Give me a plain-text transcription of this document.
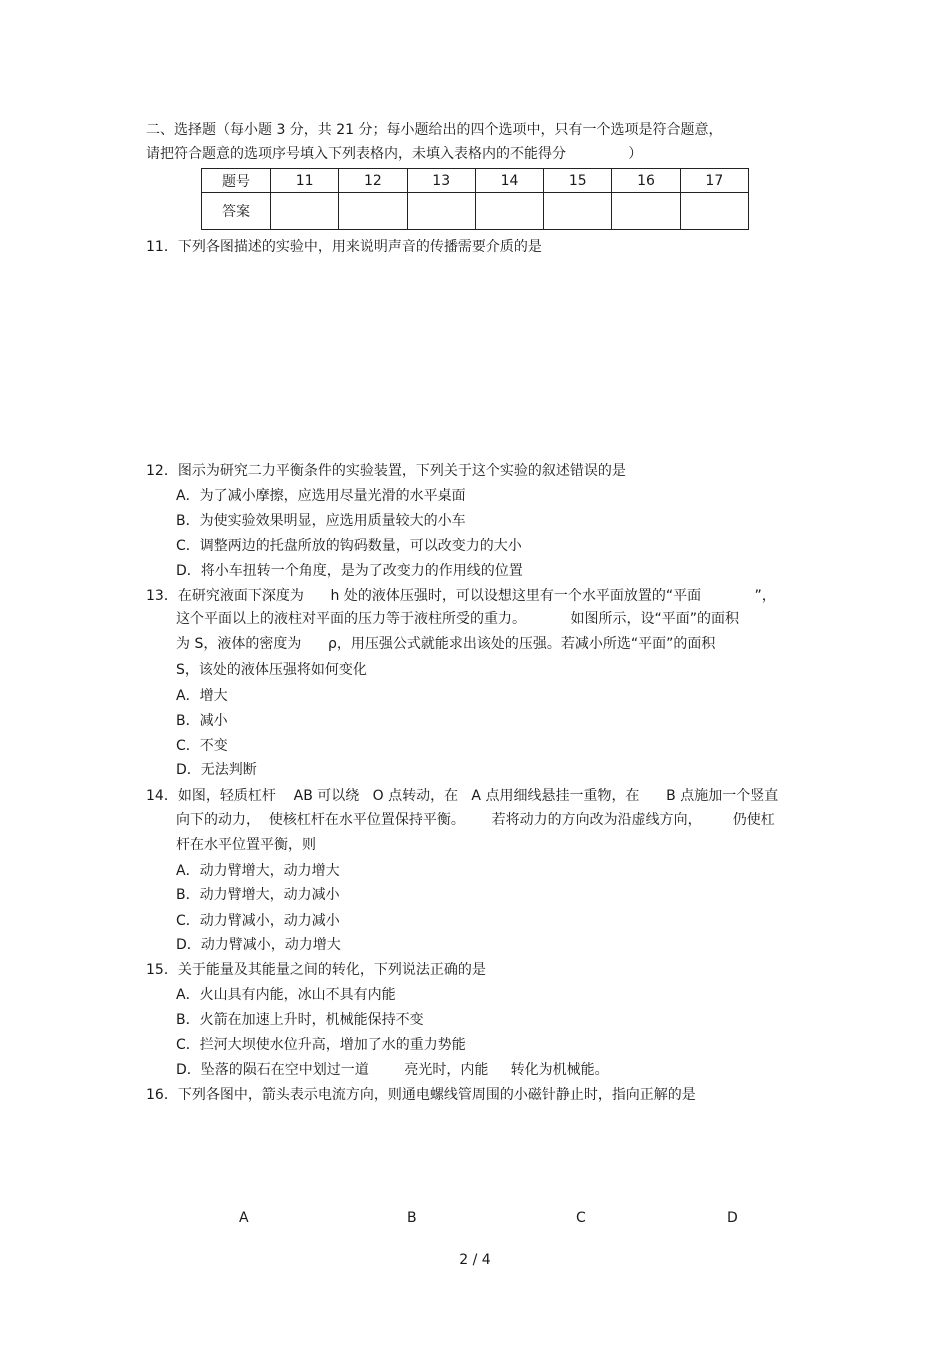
二、选择题（每小题 3 分，共 21 分；每小题给出的四个选项中，只有一个选项是符合题意，
请把符合题意的选项序号填入下列表格内，未填入表格内的不能得分              ）
题号	11	12	13	14	15	16	17
答案							
11．下列各图描述的实验中，用来说明声音的传播需要介质的是
12．图示为研究二力平衡条件的实验装置，下列关于这个实验的叙述错误的是
A．为了减小摩擦，应选用尽量光滑的水平桌面
B．为使实验效果明显，应选用质量较大的小车
C．调整两边的托盘所放的钩码数量，可以改变力的大小
D．将小车扭转一个角度，是为了改变力的作用线的位置
13．在研究液面下深度为      h 处的液体压强时，可以设想这里有一个水平面放置的“平面            ”，
这个平面以上的液柱对平面的压力等于液柱所受的重力。          如图所示，设“平面”的面积
为 S，液体的密度为      ρ，用压强公式就能求出该处的压强。若减小所选“平面”的面积
S，该处的液体压强将如何变化
A．增大
B．减小
C．不变
D．无法判断
14．如图，轻质杠杆    AB 可以绕   O 点转动，在   A 点用细线悬挂一重物，在      B 点施加一个竖直
向下的动力，  使核杠杆在水平位置保持平衡。      若将动力的方向改为沿虚线方向，       仍使杠
杆在水平位置平衡，则
A．动力臂增大，动力增大
B．动力臂增大，动力减小
C．动力臂减小，动力减小
D．动力臂减小，动力增大
15．关于能量及其能量之间的转化，下列说法正确的是
A．火山具有内能，冰山不具有内能
B．火箭在加速上升时，机械能保持不变
C．拦河大坝使水位升高，增加了水的重力势能
D．坠落的陨石在空中划过一道        亮光时，内能     转化为机械能。
16．下列各图中，箭头表示电流方向，则通电螺线管周围的小磁针静止时，指向正解的是
A	B	C	D
2 / 4
